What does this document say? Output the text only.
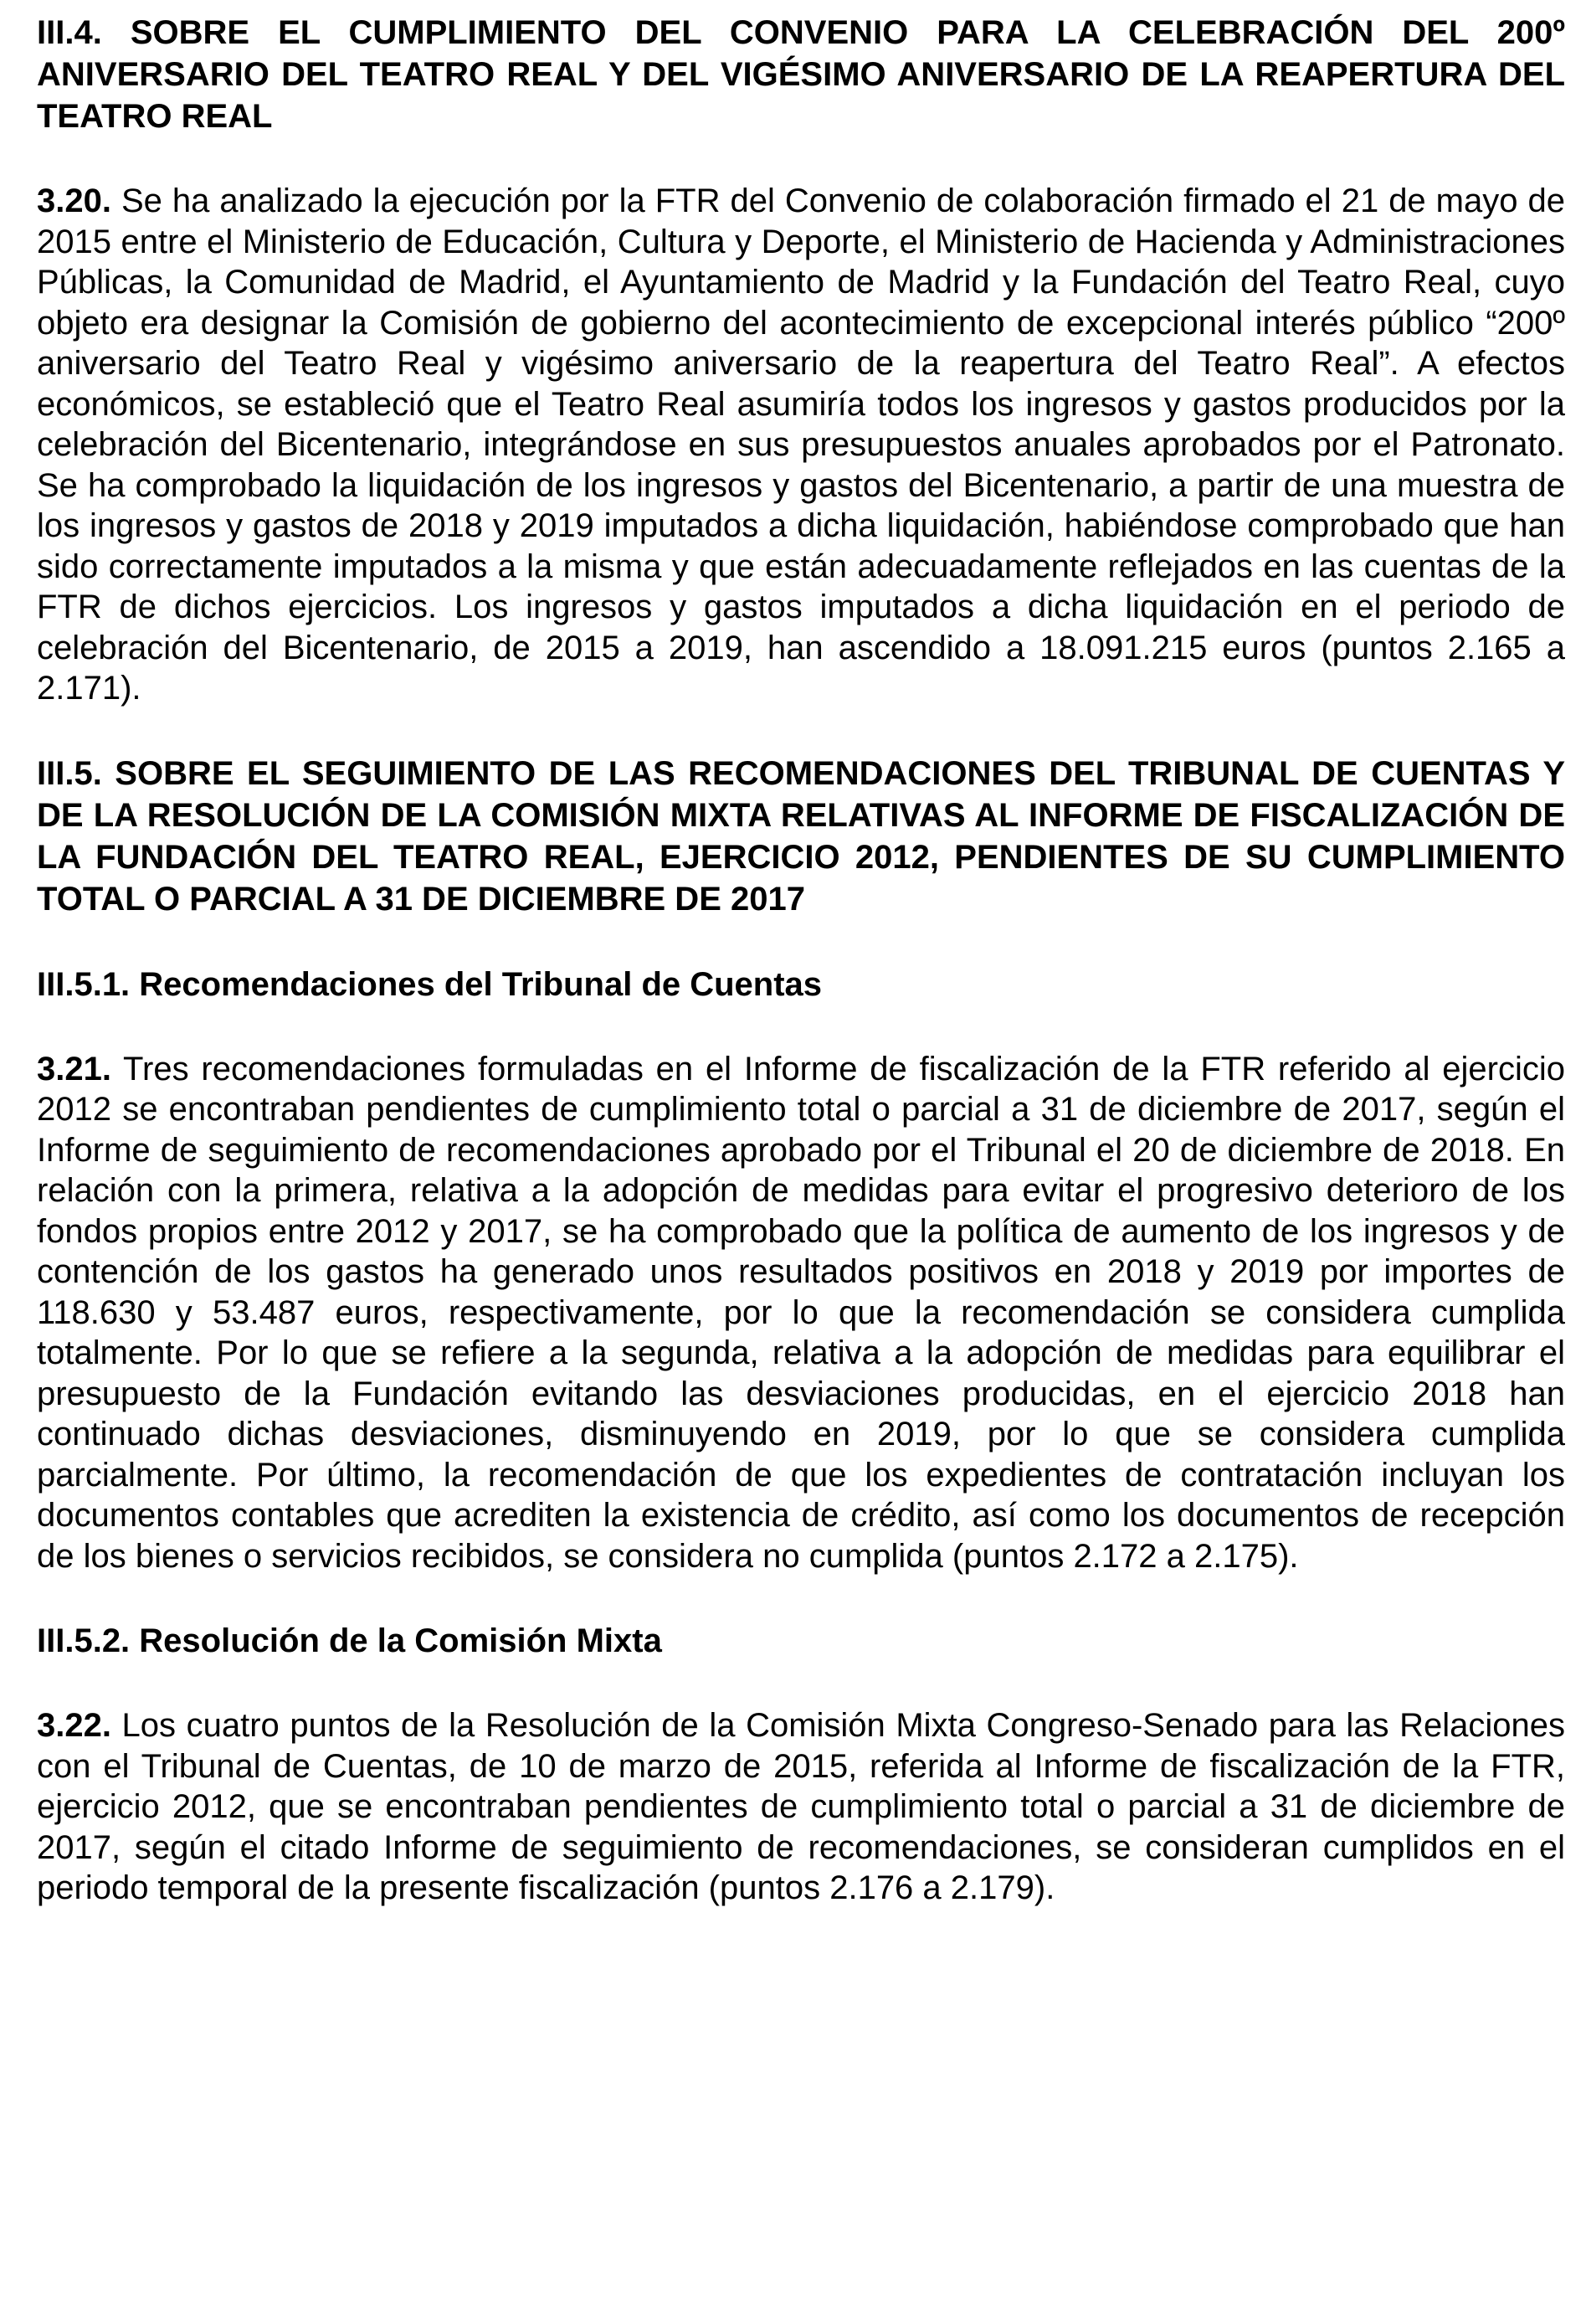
III.4. SOBRE EL CUMPLIMIENTO DEL CONVENIO PARA LA CELEBRACIÓN DEL 200º ANIVERSARIO DEL TEATRO REAL Y DEL VIGÉSIMO ANIVERSARIO DE LA REAPERTURA DEL TEATRO REAL

3.20. Se ha analizado la ejecución por la FTR del Convenio de colaboración firmado el 21 de mayo de 2015 entre el Ministerio de Educación, Cultura y Deporte, el Ministerio de Hacienda y Administraciones Públicas, la Comunidad de Madrid, el Ayuntamiento de Madrid y la Fundación del Teatro Real, cuyo objeto era designar la Comisión de gobierno del acontecimiento de excepcional interés público “200º aniversario del Teatro Real y vigésimo aniversario de la reapertura del Teatro Real”. A efectos económicos, se estableció que el Teatro Real asumiría todos los ingresos y gastos producidos por la celebración del Bicentenario, integrándose en sus presupuestos anuales aprobados por el Patronato. Se ha comprobado la liquidación de los ingresos y gastos del Bicentenario, a partir de una muestra de los ingresos y gastos de 2018 y 2019 imputados a dicha liquidación, habiéndose comprobado que han sido correctamente imputados a la misma y que están adecuadamente reflejados en las cuentas de la FTR de dichos ejercicios. Los ingresos y gastos imputados a dicha liquidación en el periodo de celebración del Bicentenario, de 2015 a 2019, han ascendido a 18.091.215 euros (puntos 2.165 a 2.171).

III.5. SOBRE EL SEGUIMIENTO DE LAS RECOMENDACIONES DEL TRIBUNAL DE CUENTAS Y DE LA RESOLUCIÓN DE LA COMISIÓN MIXTA RELATIVAS AL INFORME DE FISCALIZACIÓN DE LA FUNDACIÓN DEL TEATRO REAL, EJERCICIO 2012, PENDIENTES DE SU CUMPLIMIENTO TOTAL O PARCIAL A 31 DE DICIEMBRE DE 2017
III.5.1. Recomendaciones del Tribunal de Cuentas

3.21. Tres recomendaciones formuladas en el Informe de fiscalización de la FTR referido al ejercicio 2012 se encontraban pendientes de cumplimiento total o parcial a 31 de diciembre de 2017, según el Informe de seguimiento de recomendaciones aprobado por el Tribunal el 20 de diciembre de 2018. En relación con la primera, relativa a la adopción de medidas para evitar el progresivo deterioro de los fondos propios entre 2012 y 2017, se ha comprobado que la política de aumento de los ingresos y de contención de los gastos ha generado unos resultados positivos en 2018 y 2019 por importes de 118.630 y 53.487 euros, respectivamente, por lo que la recomendación se considera cumplida totalmente. Por lo que se refiere a la segunda, relativa a la adopción de medidas para equilibrar el presupuesto de la Fundación evitando las desviaciones producidas, en el ejercicio 2018 han continuado dichas desviaciones, disminuyendo en 2019, por lo que se considera cumplida parcialmente. Por último, la recomendación de que los expedientes de contratación incluyan los documentos contables que acrediten la existencia de crédito, así como los documentos de recepción de los bienes o servicios recibidos, se considera no cumplida (puntos 2.172 a 2.175).

III.5.2. Resolución de la Comisión Mixta

3.22. Los cuatro puntos de la Resolución de la Comisión Mixta Congreso-Senado para las Relaciones con el Tribunal de Cuentas, de 10 de marzo de 2015, referida al Informe de fiscalización de la FTR, ejercicio 2012, que se encontraban pendientes de cumplimiento total o parcial a 31 de diciembre de 2017, según el citado Informe de seguimiento de recomendaciones, se consideran cumplidos en el periodo temporal de la presente fiscalización (puntos 2.176 a 2.179).
